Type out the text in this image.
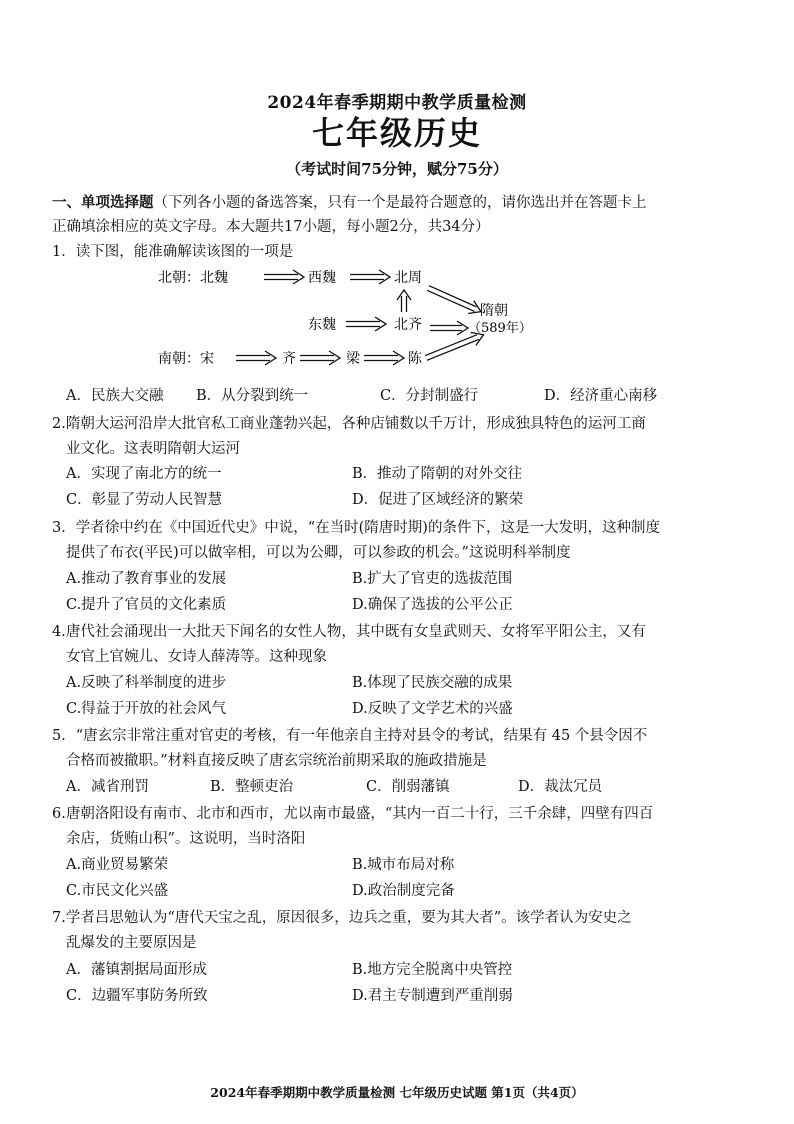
2024年春季期期中教学质量检测
七年级历史
（考试时间75分钟，赋分75分）
一、单项选择题（下列各小题的备选答案，只有一个是最符合题意的，请你选出并在答题卡上
正确填涂相应的英文字母。本大题共17小题，每小题2分，共34分）
1．读下图，能准确解读该图的一项是
北朝：北魏	西魏	北周
东魏	北齐
隋朝
（589年）
南朝：宋	齐	梁	陈
A．民族大交融 B．从分裂到统一	C．分封制盛行	D．经济重心南移
2.隋朝大运河沿岸大批官私工商业蓬勃兴起，各种店铺数以千万计，形成独具特色的运河工商
业文化。这表明隋朝大运河
A．实现了南北方的统一	B．推动了隋朝的对外交往
C．彰显了劳动人民智慧	D．促进了区域经济的繁荣
3．学者徐中约在《中国近代史》中说，“在当时(隋唐时期)的条件下，这是一大发明，这种制度
提供了布衣(平民)可以做宰相，可以为公卿，可以参政的机会。”这说明科举制度
A.推动了教育事业的发展	B.扩大了官吏的选拔范围
C.提升了官员的文化素质	D.确保了选拔的公平公正
4.唐代社会涌现出一大批天下闻名的女性人物，其中既有女皇武则天、女将军平阳公主，又有
女官上官婉儿、女诗人薛涛等。这种现象
A.反映了科举制度的进步	B.体现了民族交融的成果
C.得益于开放的社会风气	D.反映了文学艺术的兴盛
5．“唐玄宗非常注重对官吏的考核，有一年他亲自主持对县令的考试，结果有 45 个县令因不
合格而被撤职。”材料直接反映了唐玄宗统治前期采取的施政措施是
A．减省刑罚	B．整顿吏治	C．削弱藩镇	D．裁汰冗员
6.唐朝洛阳设有南市、北市和西市，尤以南市最盛，“其内一百二十行，三千余肆，四壁有四百
余店，货贿山积”。这说明，当时洛阳
A.商业贸易繁荣	B.城市布局对称
C.市民文化兴盛	D.政治制度完备
7.学者吕思勉认为“唐代天宝之乱，原因很多，边兵之重，要为其大者”。该学者认为安史之
乱爆发的主要原因是
A．藩镇割据局面形成	B.地方完全脱离中央管控
C．边疆军事防务所致	D.君主专制遭到严重削弱
2024年春季期期中教学质量检测 七年级历史试题 第1页（共4页）
